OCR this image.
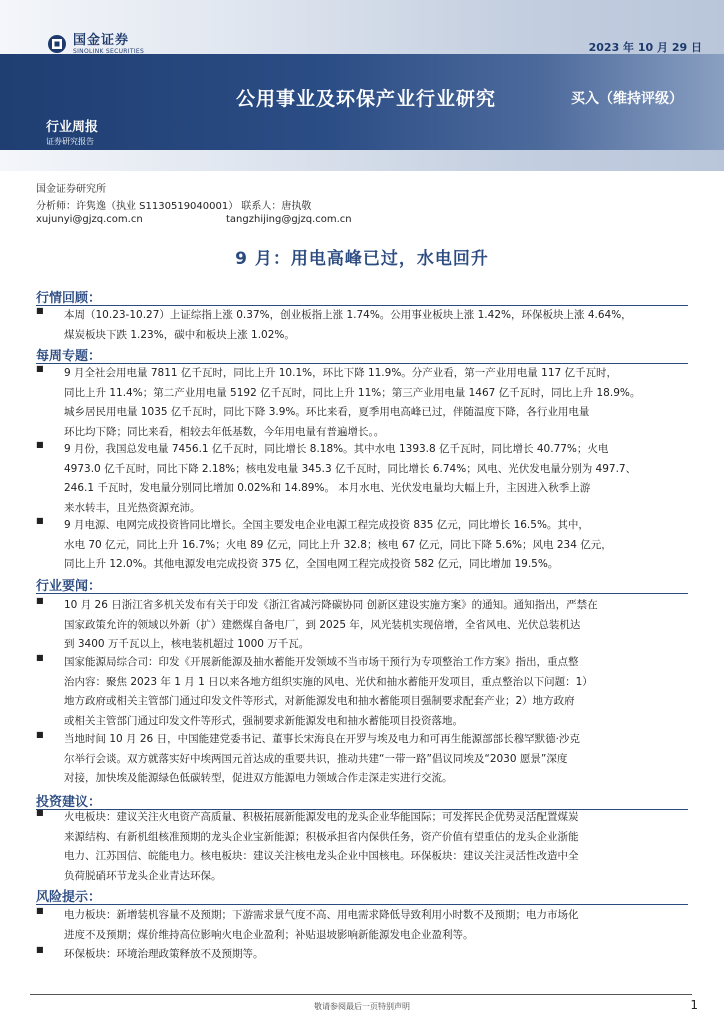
国金证券
SINOLINK SECURITIES	2023 年 10 月 29 日
公用事业及环保产业行业研究	买入（维持评级）
行业周报
证券研究报告
国金证券研究所
分析师：许隽逸（执业 S1130519040001） 联系人：唐执敬
xujunyi@gjzq.com.cn	tangzhijing@gjzq.com.cn
9 月：用电高峰已过，水电回升
行情回顾：
■	本周（10.23-10.27）上证综指上涨 0.37%，创业板指上涨 1.74%。公用事业板块上涨 1.42%，环保板块上涨 4.64%，
煤炭板块下跌 1.23%，碳中和板块上涨 1.02%。
每周专题：
■	9 月全社会用电量 7811 亿千瓦时，同比上升 10.1%，环比下降 11.9%。分产业看，第一产业用电量 117 亿千瓦时，
同比上升 11.4%；第二产业用电量 5192 亿千瓦时，同比上升 11%；第三产业用电量 1467 亿千瓦时，同比上升 18.9%。
城乡居民用电量 1035 亿千瓦时，同比下降 3.9%。环比来看，夏季用电高峰已过，伴随温度下降，各行业用电量
环比均下降；同比来看，相较去年低基数，今年用电量有普遍增长。。
■	9 月份，我国总发电量 7456.1 亿千瓦时，同比增长 8.18%。其中水电 1393.8 亿千瓦时，同比增长 40.77%；火电
4973.0 亿千瓦时，同比下降 2.18%；核电发电量 345.3 亿千瓦时，同比增长 6.74%；风电、光伏发电量分别为 497.7、
246.1 千瓦时，发电量分别同比增加 0.02%和 14.89%。 本月水电、光伏发电量均大幅上升，主因进入秋季上游
来水转丰，且光热资源充沛。
■	9 月电源、电网完成投资皆同比增长。全国主要发电企业电源工程完成投资 835 亿元，同比增长 16.5%。其中，
水电 70 亿元，同比上升 16.7%；火电 89 亿元，同比上升 32.8；核电 67 亿元，同比下降 5.6%；风电 234 亿元，
同比上升 12.0%。其他电源发电完成投资 375 亿，全国电网工程完成投资 582 亿元，同比增加 19.5%。
行业要闻：
■	10 月 26 日浙江省多机关发布有关于印发《浙江省减污降碳协同 创新区建设实施方案》的通知。通知指出，严禁在
国家政策允许的领域以外新（扩）建燃煤自备电厂，到 2025 年，风光装机实现倍增，全省风电、光伏总装机达
到 3400 万千瓦以上，核电装机超过 1000 万千瓦。
■	国家能源局综合司：印发《开展新能源及抽水蓄能开发领域不当市场干预行为专项整治工作方案》指出，重点整
治内容：聚焦 2023 年 1 月 1 日以来各地方组织实施的风电、光伏和抽水蓄能开发项目，重点整治以下问题：1）
地方政府或相关主管部门通过印发文件等形式，对新能源发电和抽水蓄能项目强制要求配套产业；2）地方政府
或相关主管部门通过印发文件等形式，强制要求新能源发电和抽水蓄能项目投资落地。
■	当地时间 10 月 26 日，中国能建党委书记、董事长宋海良在开罗与埃及电力和可再生能源部部长穆罕默德·沙克
尔举行会谈。双方就落实好中埃两国元首达成的重要共识，推动共建“一带一路”倡议同埃及“2030 愿景”深度
对接，加快埃及能源绿色低碳转型，促进双方能源电力领域合作走深走实进行交流。
投资建议：
■	火电板块：建议关注火电资产高质量、积极拓展新能源发电的龙头企业华能国际；可发挥民企优势灵活配置煤炭
来源结构、有新机组核准预期的龙头企业宝新能源；积极承担省内保供任务，资产价值有望重估的龙头企业浙能
电力、江苏国信、皖能电力。核电板块：建议关注核电龙头企业中国核电。环保板块：建议关注灵活性改造中全
负荷脱硝环节龙头企业青达环保。
风险提示：
■	电力板块：新增装机容量不及预期；下游需求景气度不高、用电需求降低导致利用小时数不及预期；电力市场化
进度不及预期；煤价维持高位影响火电企业盈利；补贴退坡影响新能源发电企业盈利等。
■	环保板块：环境治理政策释放不及预期等。
敬请参阅最后一页特别声明	1
